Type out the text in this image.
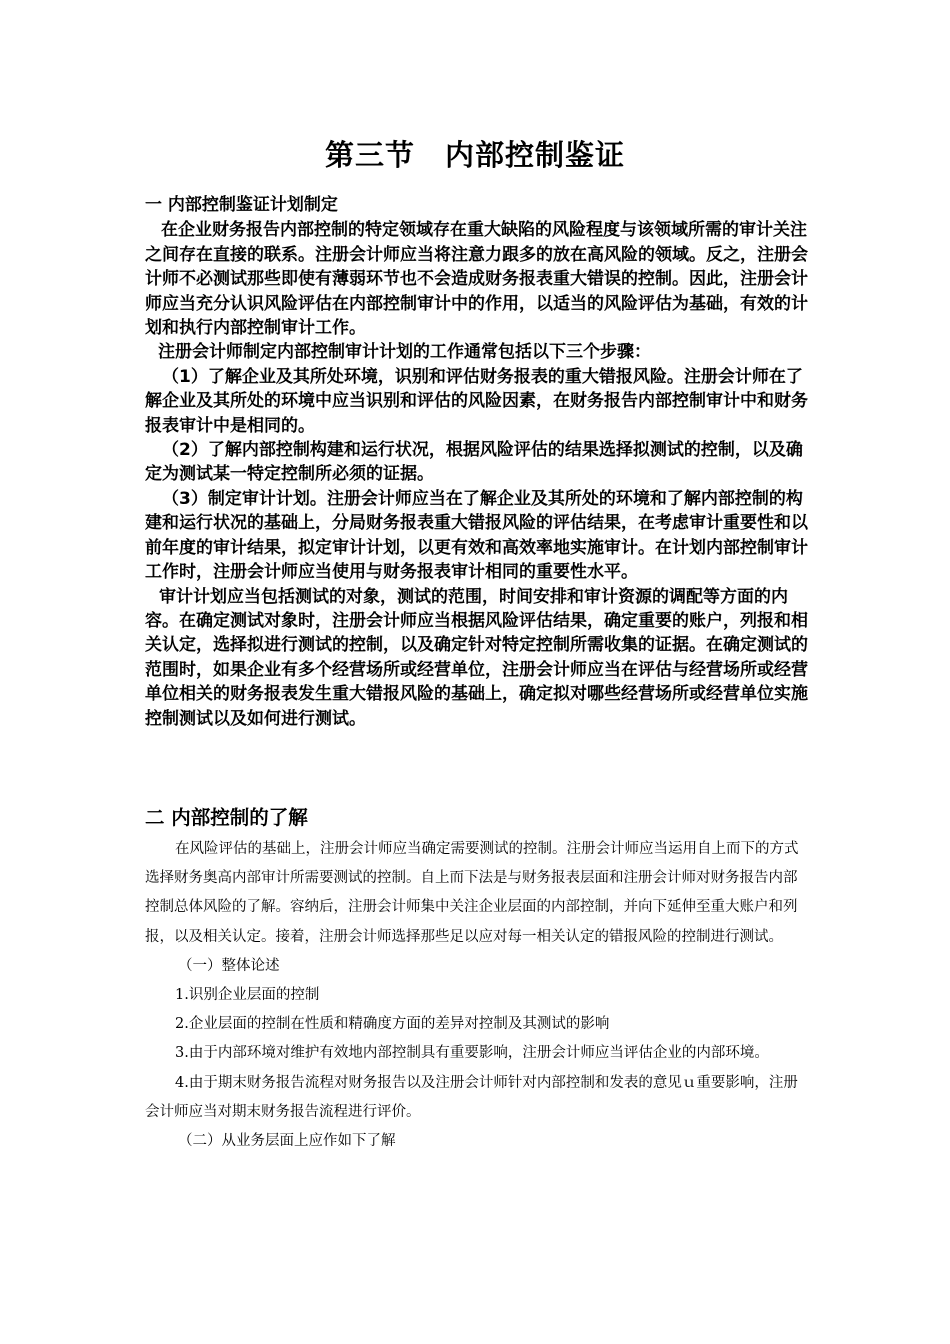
第三节　内部控制鉴证

一 内部控制鉴证计划制定

在企业财务报告内部控制的特定领域存在重大缺陷的风险程度与该领域所需的审计关注之间存在直接的联系。注册会计师应当将注意力跟多的放在高风险的领域。反之，注册会计师不必测试那些即使有薄弱环节也不会造成财务报表重大错误的控制。因此，注册会计师应当充分认识风险评估在内部控制审计中的作用，以适当的风险评估为基础，有效的计划和执行内部控制审计工作。

注册会计师制定内部控制审计计划的工作通常包括以下三个步骤：

（1）了解企业及其所处环境，识别和评估财务报表的重大错报风险。注册会计师在了解企业及其所处的环境中应当识别和评估的风险因素，在财务报告内部控制审计中和财务报表审计中是相同的。

（2）了解内部控制构建和运行状况，根据风险评估的结果选择拟测试的控制，以及确定为测试某一特定控制所必须的证据。

（3）制定审计计划。注册会计师应当在了解企业及其所处的环境和了解内部控制的构建和运行状况的基础上，分局财务报表重大错报风险的评估结果，在考虑审计重要性和以前年度的审计结果，拟定审计计划，以更有效和高效率地实施审计。在计划内部控制审计工作时，注册会计师应当使用与财务报表审计相同的重要性水平。

审计计划应当包括测试的对象，测试的范围，时间安排和审计资源的调配等方面的内容。在确定测试对象时，注册会计师应当根据风险评估结果，确定重要的账户，列报和相关认定，选择拟进行测试的控制，以及确定针对特定控制所需收集的证据。在确定测试的范围时，如果企业有多个经营场所或经营单位，注册会计师应当在评估与经营场所或经营单位相关的财务报表发生重大错报风险的基础上，确定拟对哪些经营场所或经营单位实施控制测试以及如何进行测试。

二 内部控制的了解

在风险评估的基础上，注册会计师应当确定需要测试的控制。注册会计师应当运用自上而下的方式选择财务奥高内部审计所需要测试的控制。自上而下法是与财务报表层面和注册会计师对财务报告内部控制总体风险的了解。容纳后，注册会计师集中关注企业层面的内部控制，并向下延伸至重大账户和列报，以及相关认定。接着，注册会计师选择那些足以应对每一相关认定的错报风险的控制进行测试。

（一）整体论述

1.识别企业层面的控制

2.企业层面的控制在性质和精确度方面的差异对控制及其测试的影响

3.由于内部环境对维护有效地内部控制具有重要影响，注册会计师应当评估企业的内部环境。

4.由于期末财务报告流程对财务报告以及注册会计师针对内部控制和发表的意见ｕ重要影响，注册会计师应当对期末财务报告流程进行评价。

（二）从业务层面上应作如下了解
